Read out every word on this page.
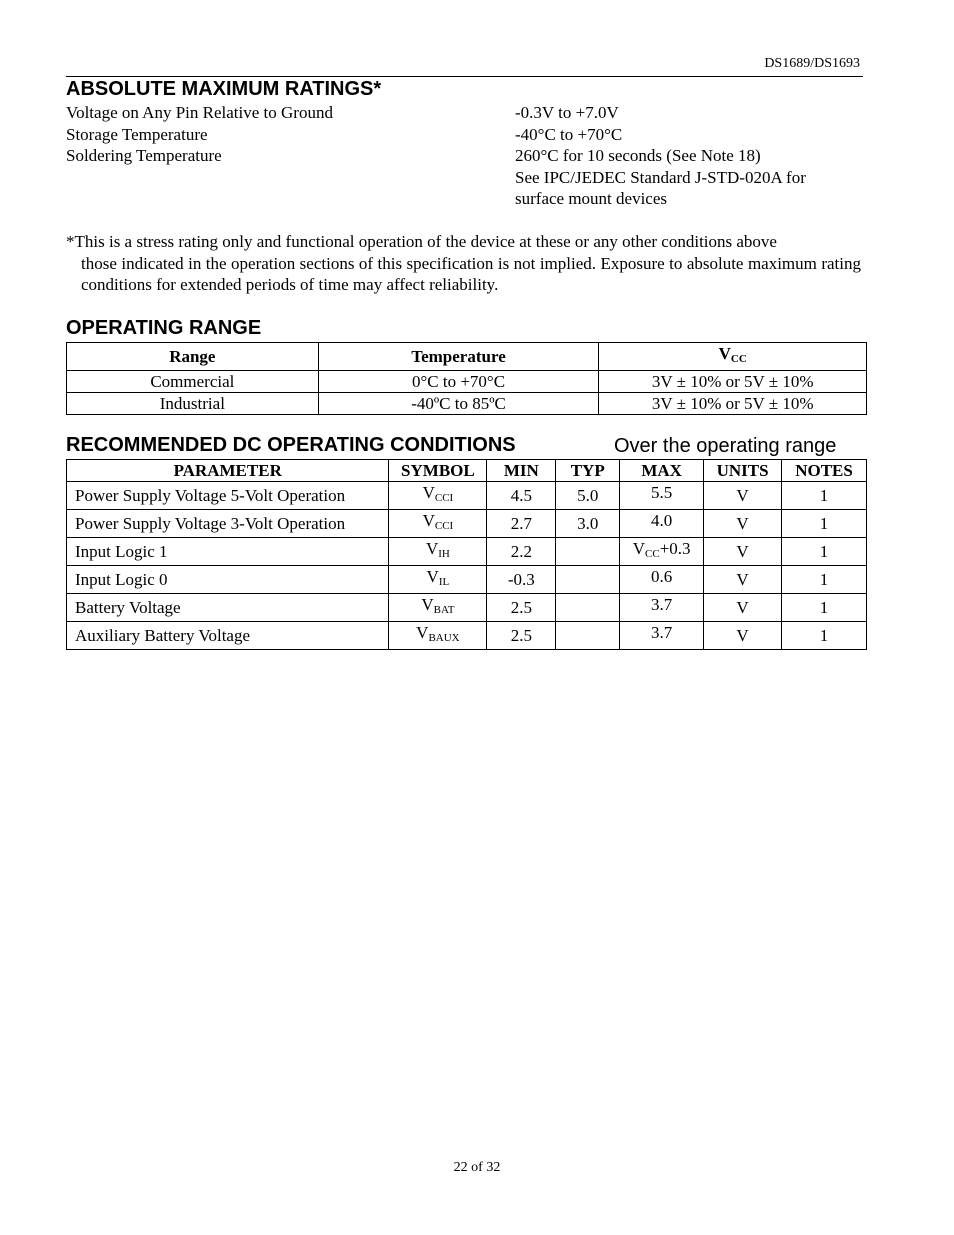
DS1689/DS1693
ABSOLUTE MAXIMUM RATINGS*
Voltage on Any Pin Relative to Ground	-0.3V to +7.0V
Storage Temperature	-40°C to +70°C
Soldering Temperature	260°C for 10 seconds (See Note 18)
See IPC/JEDEC Standard J-STD-020A for
surface mount devices
*This is a stress rating only and functional operation of the device at these or any other conditions above
those indicated in the operation sections of this specification is not implied. Exposure to absolute maximum rating conditions for extended periods of time may affect reliability.
OPERATING RANGE
Range	Temperature	$V_{CC}$
Commercial	0°C to +70°C	3V ± 10% or 5V ± 10%
Industrial	-40ºC to 85ºC	3V ± 10% or 5V ± 10%
RECOMMENDED DC OPERATING CONDITIONS	Over the operating range
PARAMETER	SYMBOL	MIN	TYP	MAX	UNITS	NOTES
Power Supply Voltage 5-Volt Operation	$V_{CCI}$	4.5	5.0	5.5	V	1
Power Supply Voltage 3-Volt Operation	$V_{CCI}$	2.7	3.0	4.0	V	1
Input Logic 1	$V_{IH}$	2.2		$V_{CC}+0.3$	V	1
Input Logic 0	$V_{IL}$	-0.3		0.6	V	1
Battery Voltage	$V_{BAT}$	2.5		3.7	V	1
Auxiliary Battery Voltage	$V_{BAUX}$	2.5		3.7	V	1
22 of 32
